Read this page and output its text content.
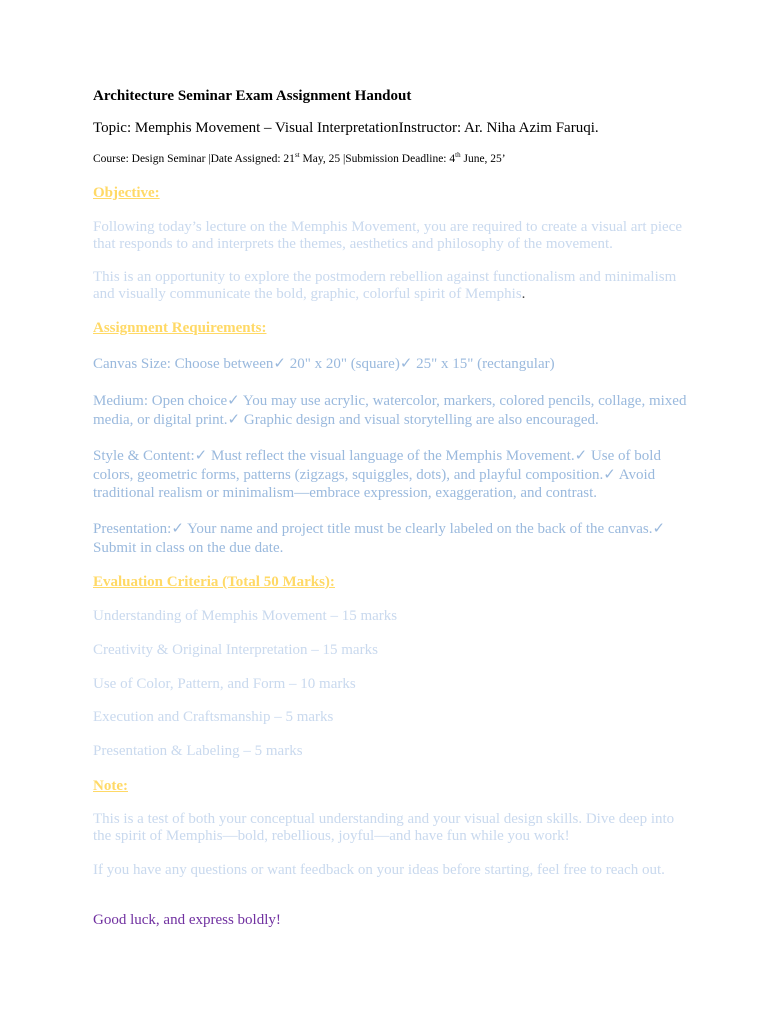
Architecture Seminar Exam Assignment Handout
Topic: Memphis Movement – Visual InterpretationInstructor: Ar. Niha Azim Faruqi.
Course: Design Seminar |Date Assigned: 21st May, 25 |Submission Deadline: 4th June, 25’
Objective:
Following today’s lecture on the Memphis Movement, you are required to create a visual art piece that responds to and interprets the themes, aesthetics and philosophy of the movement.
This is an opportunity to explore the postmodern rebellion against functionalism and minimalism and visually communicate the bold, graphic, colorful spirit of Memphis.
Assignment Requirements:
Canvas Size: Choose between✓ 20" x 20" (square)✓ 25" x 15" (rectangular)
Medium: Open choice✓ You may use acrylic, watercolor, markers, colored pencils, collage, mixed media, or digital print.✓ Graphic design and visual storytelling are also encouraged.
Style & Content:✓ Must reflect the visual language of the Memphis Movement.✓ Use of bold colors, geometric forms, patterns (zigzags, squiggles, dots), and playful composition.✓ Avoid traditional realism or minimalism—embrace expression, exaggeration, and contrast.
Presentation:✓ Your name and project title must be clearly labeled on the back of the canvas.✓ Submit in class on the due date.
Evaluation Criteria (Total 50 Marks):
Understanding of Memphis Movement – 15 marks
Creativity & Original Interpretation – 15 marks
Use of Color, Pattern, and Form – 10 marks
Execution and Craftsmanship – 5 marks
Presentation & Labeling – 5 marks
Note:
This is a test of both your conceptual understanding and your visual design skills. Dive deep into the spirit of Memphis—bold, rebellious, joyful—and have fun while you work!
If you have any questions or want feedback on your ideas before starting, feel free to reach out.
Good luck, and express boldly!
